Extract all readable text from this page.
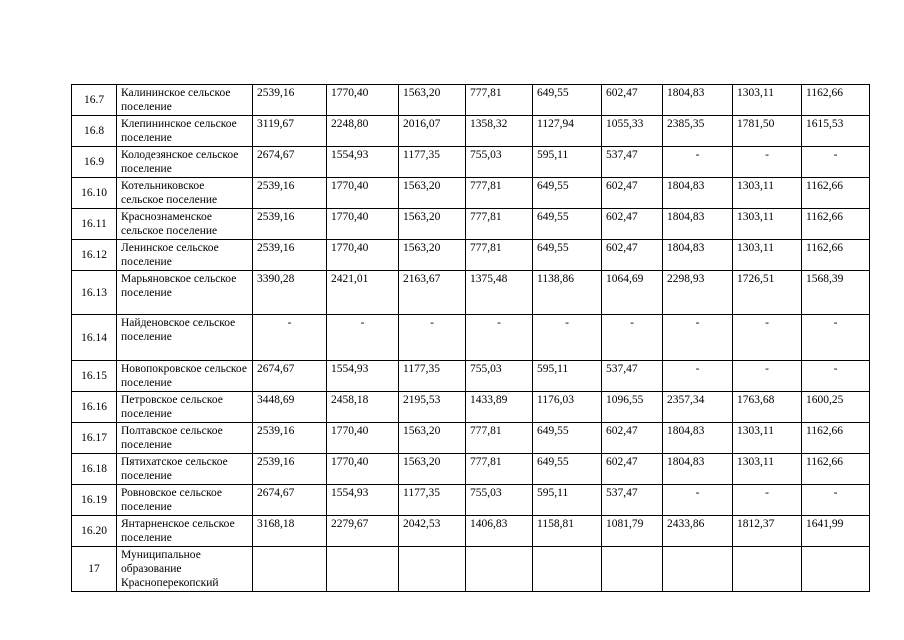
16.7	Калининское сельское поселение	2539,16	1770,40	1563,20	777,81	649,55	602,47	1804,83	1303,11	1162,66
16.8	Клепининское сельское поселение	3119,67	2248,80	2016,07	1358,32	1127,94	1055,33	2385,35	1781,50	1615,53
16.9	Колодезянское сельское поселение	2674,67	1554,93	1177,35	755,03	595,11	537,47	-	-	-
16.10	Котельниковское сельское поселение	2539,16	1770,40	1563,20	777,81	649,55	602,47	1804,83	1303,11	1162,66
16.11	Краснознаменское сельское поселение	2539,16	1770,40	1563,20	777,81	649,55	602,47	1804,83	1303,11	1162,66
16.12	Ленинское сельское поселение	2539,16	1770,40	1563,20	777,81	649,55	602,47	1804,83	1303,11	1162,66
16.13	Марьяновское сельское поселение	3390,28	2421,01	2163,67	1375,48	1138,86	1064,69	2298,93	1726,51	1568,39
16.14	Найденовское сельское поселение	-	-	-	-	-	-	-	-	-
16.15	Новопокровское сельское поселение	2674,67	1554,93	1177,35	755,03	595,11	537,47	-	-	-
16.16	Петровское сельское поселение	3448,69	2458,18	2195,53	1433,89	1176,03	1096,55	2357,34	1763,68	1600,25
16.17	Полтавское сельское поселение	2539,16	1770,40	1563,20	777,81	649,55	602,47	1804,83	1303,11	1162,66
16.18	Пятихатское сельское поселение	2539,16	1770,40	1563,20	777,81	649,55	602,47	1804,83	1303,11	1162,66
16.19	Ровновское сельское поселение	2674,67	1554,93	1177,35	755,03	595,11	537,47	-	-	-
16.20	Янтарненское сельское поселение	3168,18	2279,67	2042,53	1406,83	1158,81	1081,79	2433,86	1812,37	1641,99
17	Муниципальное образование Красноперекопский									
